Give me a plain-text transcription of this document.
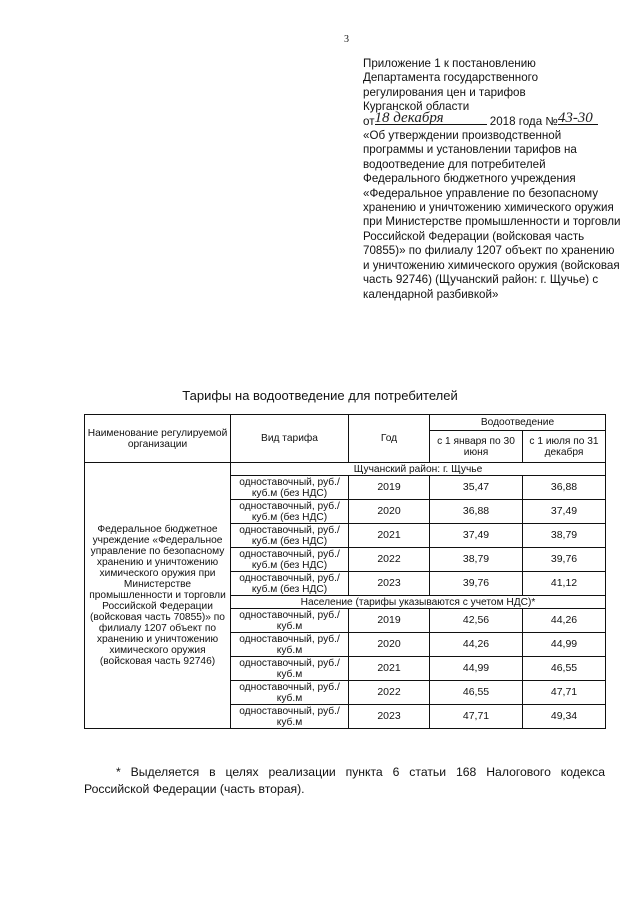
3
Приложение 1 к постановлению
Департамента государственного
регулирования цен и тарифов
Курганской области
от18 декабря	2018 года №43-30
«Об утверждении производственной программы и установлении тарифов на водоотведение для потребителей Федерального бюджетного учреждения «Федеральное управление по безопасному хранению и уничтожению химического оружия при Министерстве промышленности и торговли Российской Федерации (войсковая часть 70855)» по филиалу 1207 объект по хранению и уничтожению химического оружия (войсковая часть 92746) (Щучанский район: г. Щучье) с календарной разбивкой»
Тарифы на водоотведение для потребителей
Наименование регулируемой организации	Вид тарифа	Год	Водоотведение	
			с 1 января по 30 июня	с 1 июля по 31 декабря
Федеральное бюджетное учреждение «Федеральное управление по безопасному хранению и уничтожению химического оружия при Министерстве промышленности и торговли Российской Федерации (войсковая часть 70855)» по филиалу 1207 объект по хранению и уничтожению химического оружия (войсковая часть 92746)	Щучанский район: г. Щучье			
	одноставочный, руб./куб.м (без НДС)	2019	35,47	36,88
	одноставочный, руб./куб.м (без НДС)	2020	36,88	37,49
	одноставочный, руб./куб.м (без НДС)	2021	37,49	38,79
	одноставочный, руб./куб.м (без НДС)	2022	38,79	39,76
	одноставочный, руб./куб.м (без НДС)	2023	39,76	41,12
	Население (тарифы указываются с учетом НДС)*			
	одноставочный, руб./куб.м	2019	42,56	44,26
	одноставочный, руб./куб.м	2020	44,26	44,99
	одноставочный, руб./куб.м	2021	44,99	46,55
	одноставочный, руб./куб.м	2022	46,55	47,71
	одноставочный, руб./куб.м	2023	47,71	49,34
* Выделяется в целях реализации пункта 6 статьи 168 Налогового кодекса Российской Федерации (часть вторая).
